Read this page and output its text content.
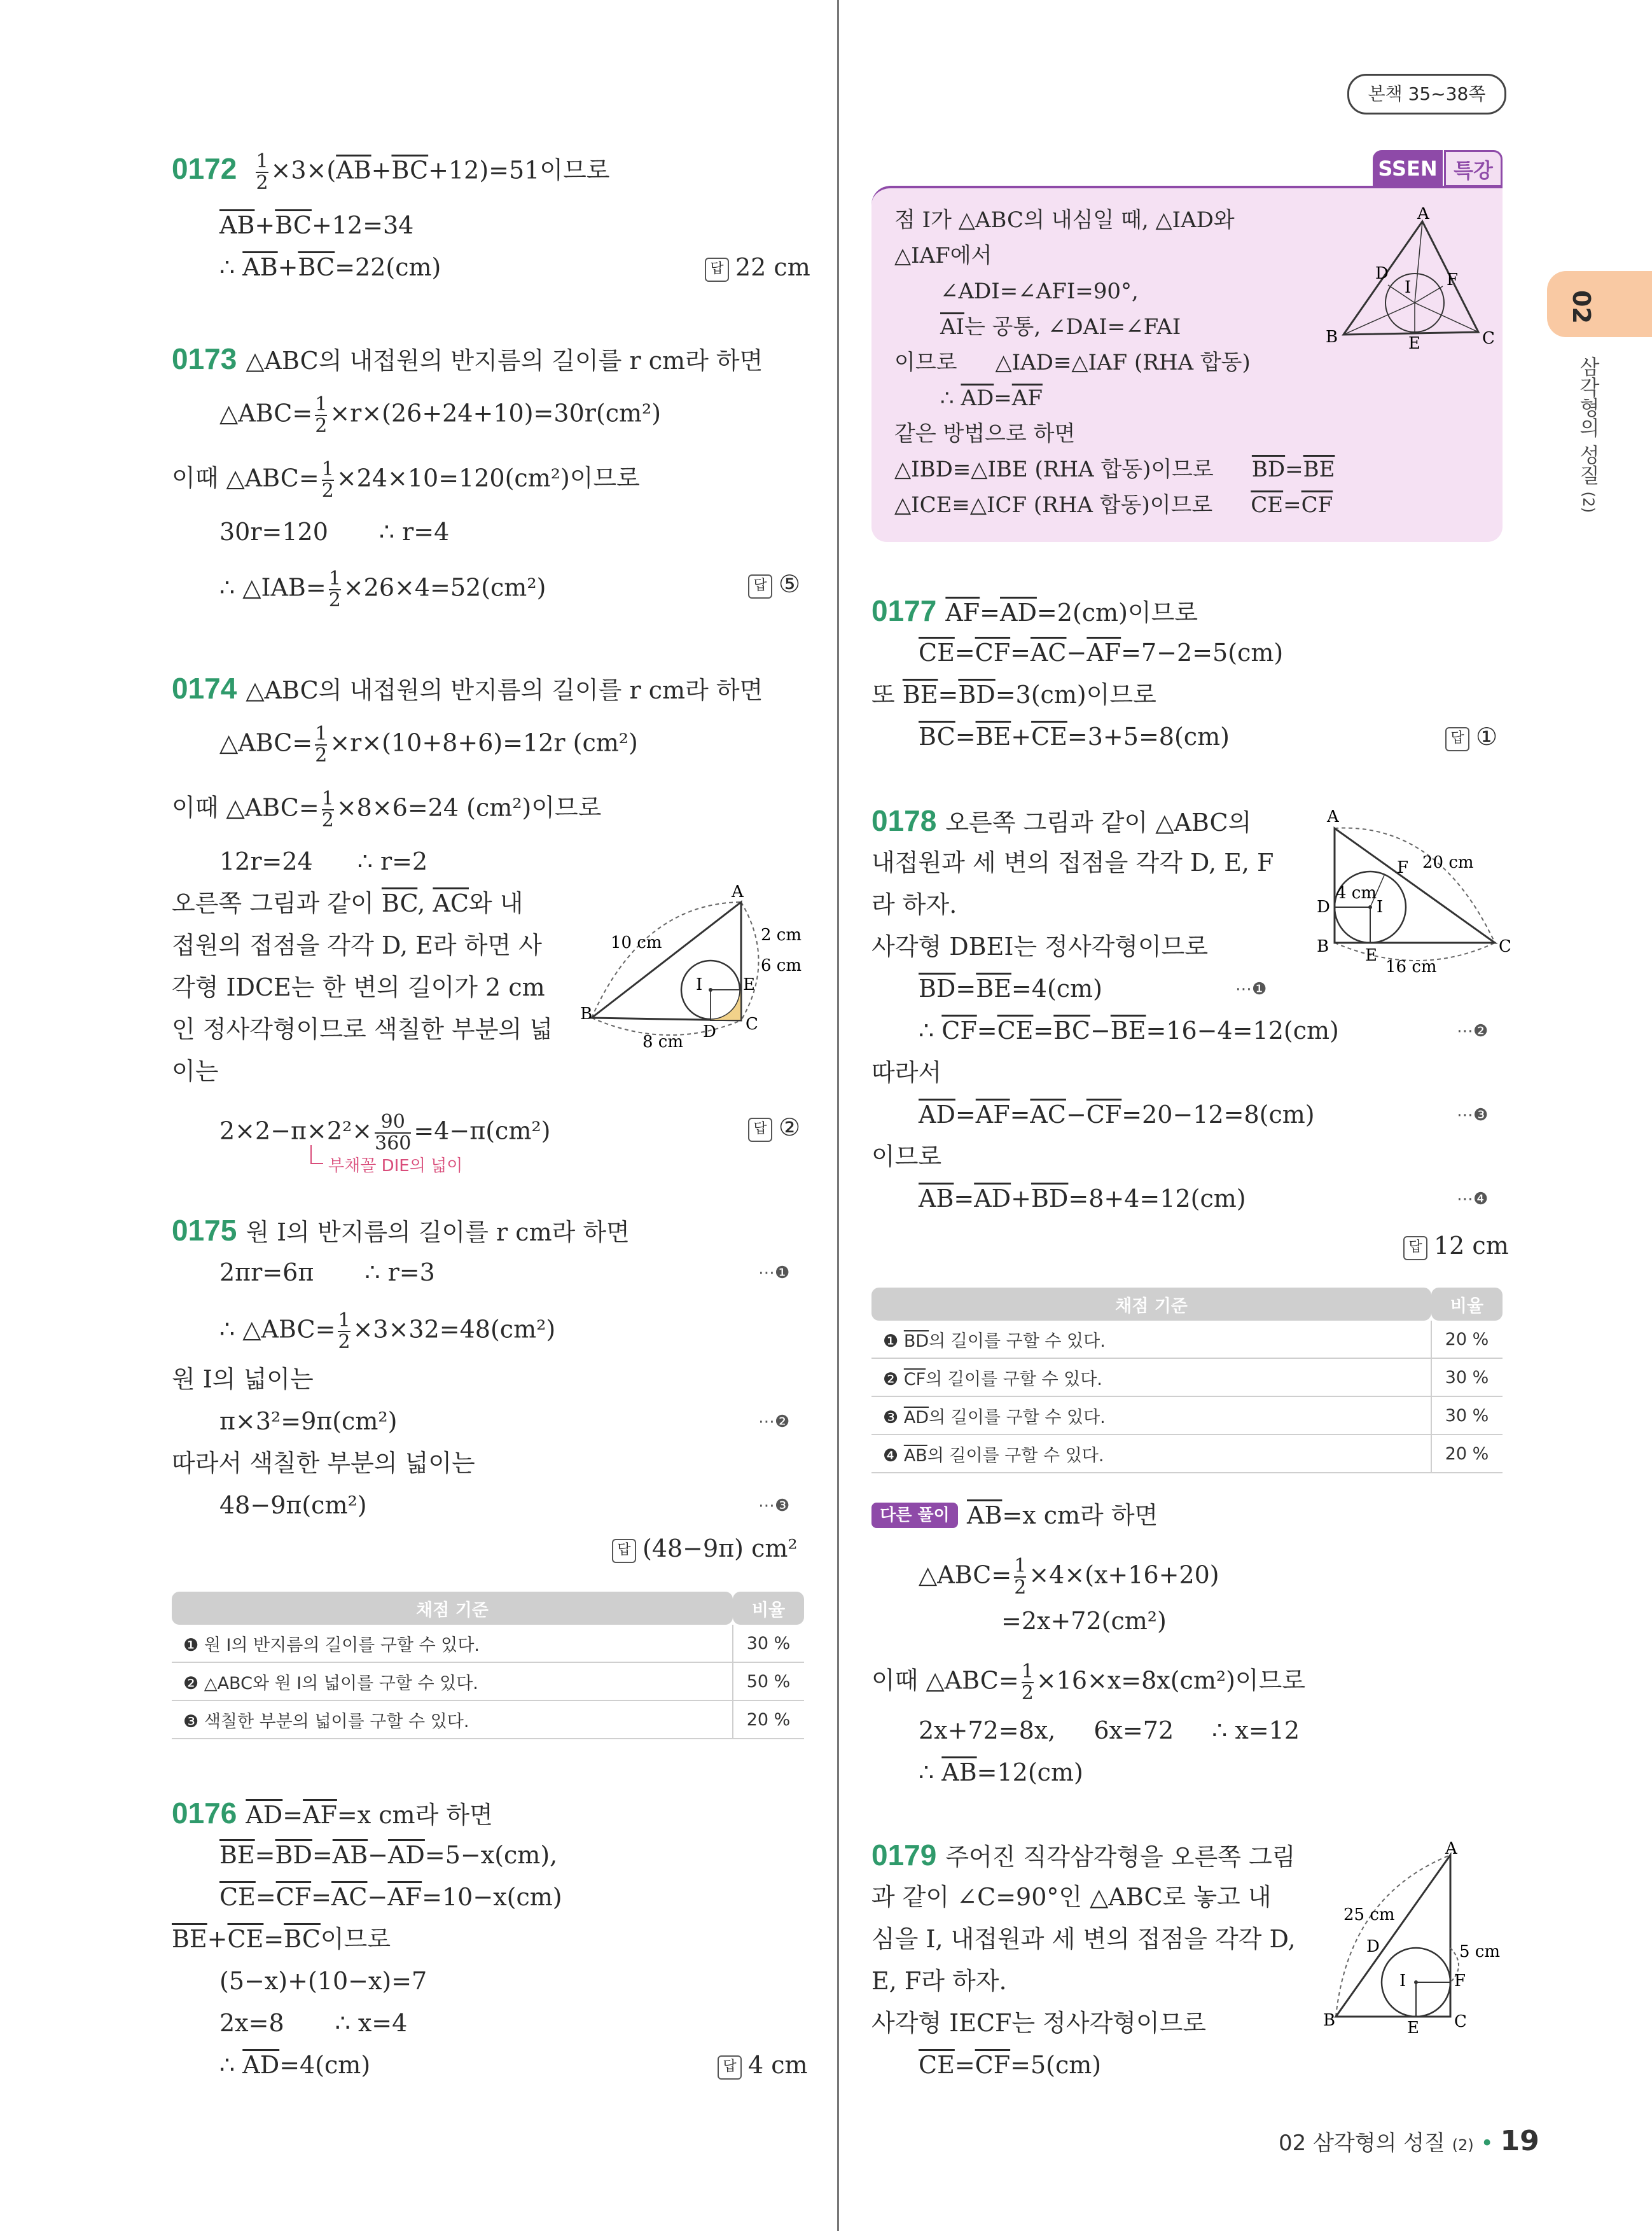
본책 35~38쪽
02
삼각형의 성질 (2)
$0172 \frac{1}{2} \times 3\times(\overline{AB}+\overline{BC}+12)=51$이므로
$\overline{AB}+\overline{BC}+12=34$
∴ $\overline{AB}+\overline{BC}=22(cm)$	답 22 cm
0173 △ABC의 내접원의 반지름의 길이를 r cm라 하면
△ABC= $\frac{1}{2} \times r\times(26+24+10)=30r(cm^2)$
이때 △ABC= $\frac{1}{2} \times 24\times 10=120(cm^2)$이므로
30r=120 ∴ r=4
∴ △IAB= $\frac{1}{2} \times 26\times 4=52(cm^2)$	답 ⑤
0174 △ABC의 내접원의 반지름의 길이를 r cm라 하면
△ABC= $\frac{1}{2} \times r\times(10+8+6)=12r$ (cm²)
이때 △ABC= $\frac{1}{2} \times 8\times 6=24$ (cm²)이므로
12r=24 ∴ r=2
오른쪽 그림과 같이 $\overline{BC}$, $\overline{AC}$와 내
접원의 접점을 각각 D, E라 하면 사
각형 IDCE는 한 변의 길이가 2 cm
인 정사각형이므로 색칠한 부분의 넓
이는
$2\times 2-\pi\times 2^2\times \frac{90}{360} =4-\pi(cm^2)$
부채꼴 DIE의 넓이
답 ②
B
A
C
I
D
E
10 cm
8 cm
2 cm
6 cm
0175 원 I의 반지름의 길이를 r cm라 하면
2πr=6π ∴ r=3	⋯❶
∴ △ABC= $\frac{1}{2} \times 3\times 32=48(cm^2)$
원 I의 넓이는
π×3²=9π(cm²)	⋯❷
따라서 색칠한 부분의 넓이는
48−9π(cm²)	⋯❸
답 (48−9π) cm²
채점 기준	비율
❶ 원 I의 반지름의 길이를 구할 수 있다.	30 %
❷ △ABC와 원 I의 넓이를 구할 수 있다.	50 %
❸ 색칠한 부분의 넓이를 구할 수 있다.	20 %
0176 $\overline{AD}=\overline{AF}=x$ cm라 하면
$\overline{BE}=\overline{BD}=\overline{AB}-\overline{AD}=5-x(cm)$,
$\overline{CE}=\overline{CF}=\overline{AC}-\overline{AF}=10-x(cm)$
$\overline{BE}+\overline{CE}=\overline{BC}$이므로
(5−x)+(10−x)=7
2x=8 ∴ x=4
∴ $\overline{AD}=4(cm)$	답 4 cm
SSEN 특강
점 I가 △ABC의 내심일 때, △IAD와
△IAF에서
∠ADI=∠AFI=90°,
$\overline{AI}$는 공통, ∠DAI=∠FAI
이므로 △IAD≡△IAF (RHA 합동)
∴ $\overline{AD}=\overline{AF}$
같은 방법으로 하면
△IBD≡△IBE (RHA 합동)이므로 $\overline{BD}=\overline{BE}$
△ICE≡△ICF (RHA 합동)이므로 $\overline{CE}=\overline{CF}$
A
B	C
D
E
F
I
0177 $\overline{AF}=\overline{AD}=2(cm)$이므로
$\overline{CE}=\overline{CF}=\overline{AC}-\overline{AF}=7-2=5(cm)$
또 $\overline{BE}=\overline{BD}=3(cm)$이므로
$\overline{BC}=\overline{BE}+\overline{CE}=3+5=8(cm)$	답 ①
0178 오른쪽 그림과 같이 △ABC의
내접원과 세 변의 접점을 각각 D, E, F
라 하자.
사각형 DBEI는 정사각형이므로
$\overline{BD}=\overline{BE}=4(cm)$	⋯❶
∴ $\overline{CF}=\overline{CE}=\overline{BC}-\overline{BE}=16-4=12(cm)$	⋯❷
따라서
$\overline{AD}=\overline{AF}=\overline{AC}-\overline{CF}=20-12=8(cm)$	⋯❸
이므로
$\overline{AB}=\overline{AD}+\overline{BD}=8+4=12(cm)$	⋯❹
답 12 cm
A
B	C
D
E
F
I
20 cm
4 cm
16 cm
채점 기준	비율
❶ $\overline{BD}$의 길이를 구할 수 있다.	20 %
❷ $\overline{CF}$의 길이를 구할 수 있다.	30 %
❸ $\overline{AD}$의 길이를 구할 수 있다.	30 %
❹ $\overline{AB}$의 길이를 구할 수 있다.	20 %
다른 풀이 $\overline{AB}=x$ cm라 하면
△ABC= $\frac{1}{2} \times 4\times(x+16+20)$
=2x+72(cm²)
이때 △ABC= $\frac{1}{2} \times 16\times x=8x(cm^2)$이므로
2x+72=8x, 6x=72 ∴ x=12
∴ $\overline{AB}=12(cm)$
0179 주어진 직각삼각형을 오른쪽 그림
과 같이 ∠C=90°인 △ABC로 놓고 내
심을 I, 내접원과 세 변의 접점을 각각 D,
E, F라 하자.
사각형 IECF는 정사각형이므로
$\overline{CE}=\overline{CF}=5(cm)$
A
B	C
D
E
F
I
25 cm
5 cm
02 삼각형의 성질 (2) • 19
